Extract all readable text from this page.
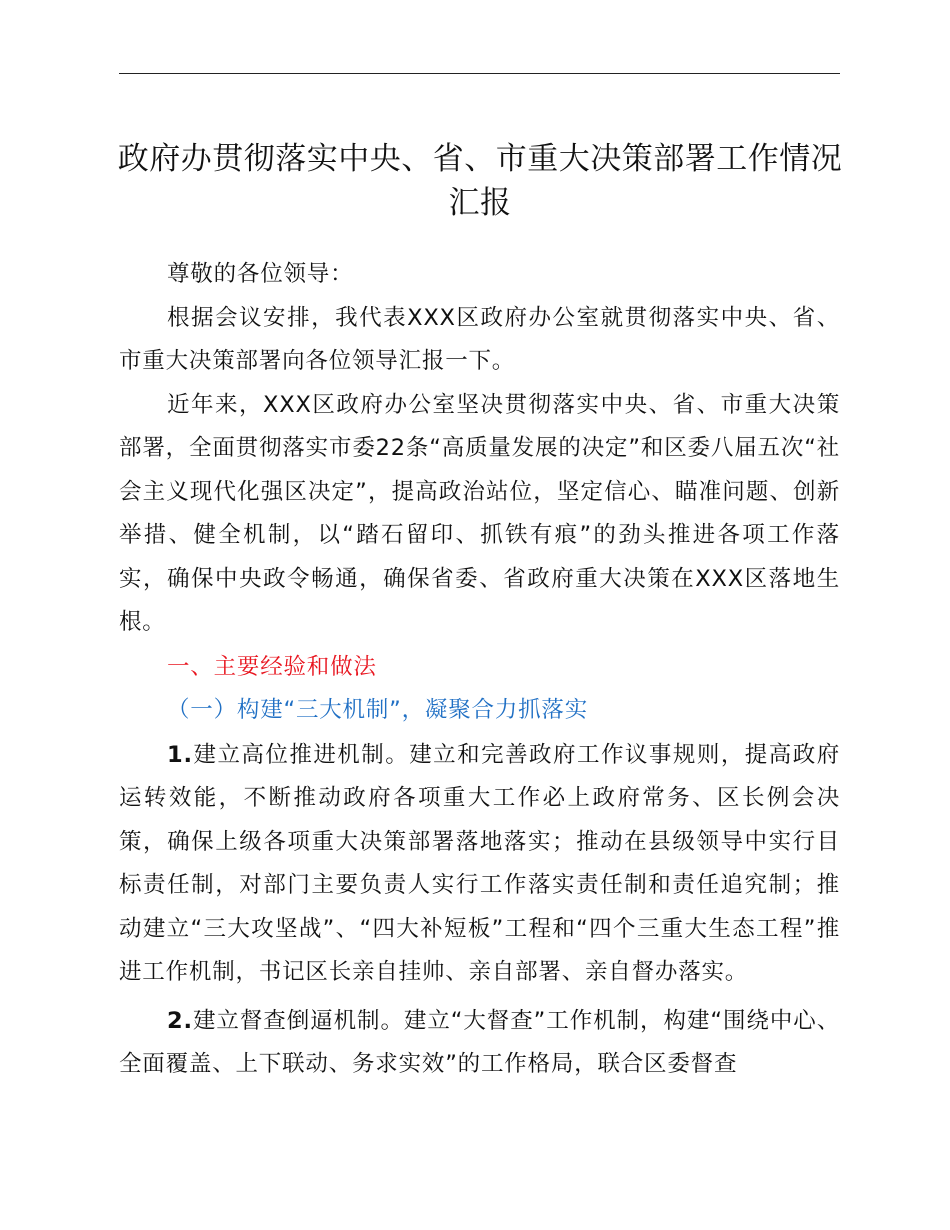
政府办贯彻落实中央、省、市重大决策部署工作情况汇报

尊敬的各位领导：

根据会议安排，我代表XXX区政府办公室就贯彻落实中央、省、市重大决策部署向各位领导汇报一下。

近年来，XXX区政府办公室坚决贯彻落实中央、省、市重大决策部署，全面贯彻落实市委22条“高质量发展的决定”和区委八届五次“社会主义现代化强区决定”，提高政治站位，坚定信心、瞄准问题、创新举措、健全机制，以“踏石留印、抓铁有痕”的劲头推进各项工作落实，确保中央政令畅通，确保省委、省政府重大决策在XXX区落地生根。

一、主要经验和做法

（一）构建“三大机制”，凝聚合力抓落实

1.建立高位推进机制。建立和完善政府工作议事规则，提高政府运转效能，不断推动政府各项重大工作必上政府常务、区长例会决策，确保上级各项重大决策部署落地落实；推动在县级领导中实行目标责任制，对部门主要负责人实行工作落实责任制和责任追究制；推动建立“三大攻坚战”、“四大补短板”工程和“四个三重大生态工程”推进工作机制，书记区长亲自挂帅、亲自部署、亲自督办落实。

2.建立督查倒逼机制。建立“大督查”工作机制，构建“围绕中心、全面覆盖、上下联动、务求实效”的工作格局，联合区委督查
